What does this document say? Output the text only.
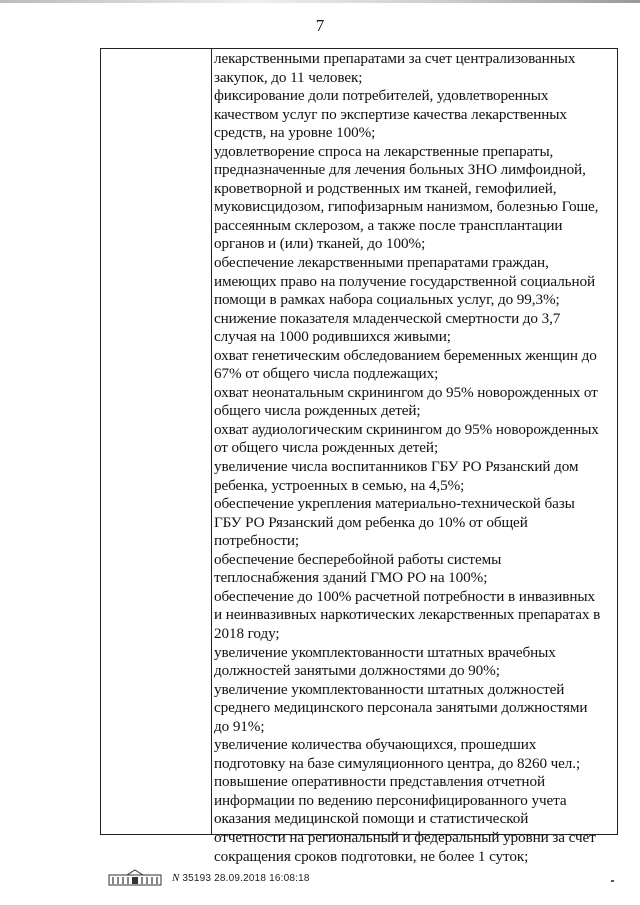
7
лекарственными препаратами за счет централизованных
закупок, до 11 человек;
фиксирование доли потребителей, удовлетворенных
качеством услуг по экспертизе качества лекарственных
средств, на уровне 100%;
удовлетворение спроса на лекарственные препараты,
предназначенные для лечения больных ЗНО лимфоидной,
кроветворной и родственных им тканей, гемофилией,
муковисцидозом, гипофизарным нанизмом, болезнью Гоше,
рассеянным склерозом, а также после трансплантации
органов и (или) тканей, до 100%;
обеспечение лекарственными препаратами граждан,
имеющих право на получение государственной социальной
помощи в рамках набора социальных услуг, до 99,3%;
снижение показателя младенческой смертности до 3,7
случая на 1000 родившихся живыми;
охват генетическим обследованием беременных женщин до
67% от общего числа подлежащих;
охват неонатальным скринингом до 95% новорожденных от
общего числа рожденных детей;
охват аудиологическим скринингом до 95% новорожденных
от общего числа рожденных детей;
увеличение числа воспитанников ГБУ РО Рязанский дом
ребенка, устроенных в семью, на 4,5%;
обеспечение укрепления материально-технической базы
ГБУ РО Рязанский дом ребенка до 10% от общей
потребности;
обеспечение бесперебойной работы системы
теплоснабжения зданий ГМО РО на 100%;
обеспечение до 100% расчетной потребности в инвазивных
и неинвазивных наркотических лекарственных препаратах в
2018 году;
увеличение укомплектованности штатных врачебных
должностей занятыми должностями до 90%;
увеличение укомплектованности штатных должностей
среднего медицинского персонала занятыми должностями
до 91%;
увеличение количества обучающихся, прошедших
подготовку на базе симуляционного центра, до 8260 чел.;
повышение оперативности представления отчетной
информации по ведению персонифицированного учета
оказания медицинской помощи и статистической
отчетности на региональный и федеральный уровни за счет
сокращения сроков подготовки, не более 1 суток;
N 35193 28.09.2018 16:08:18
